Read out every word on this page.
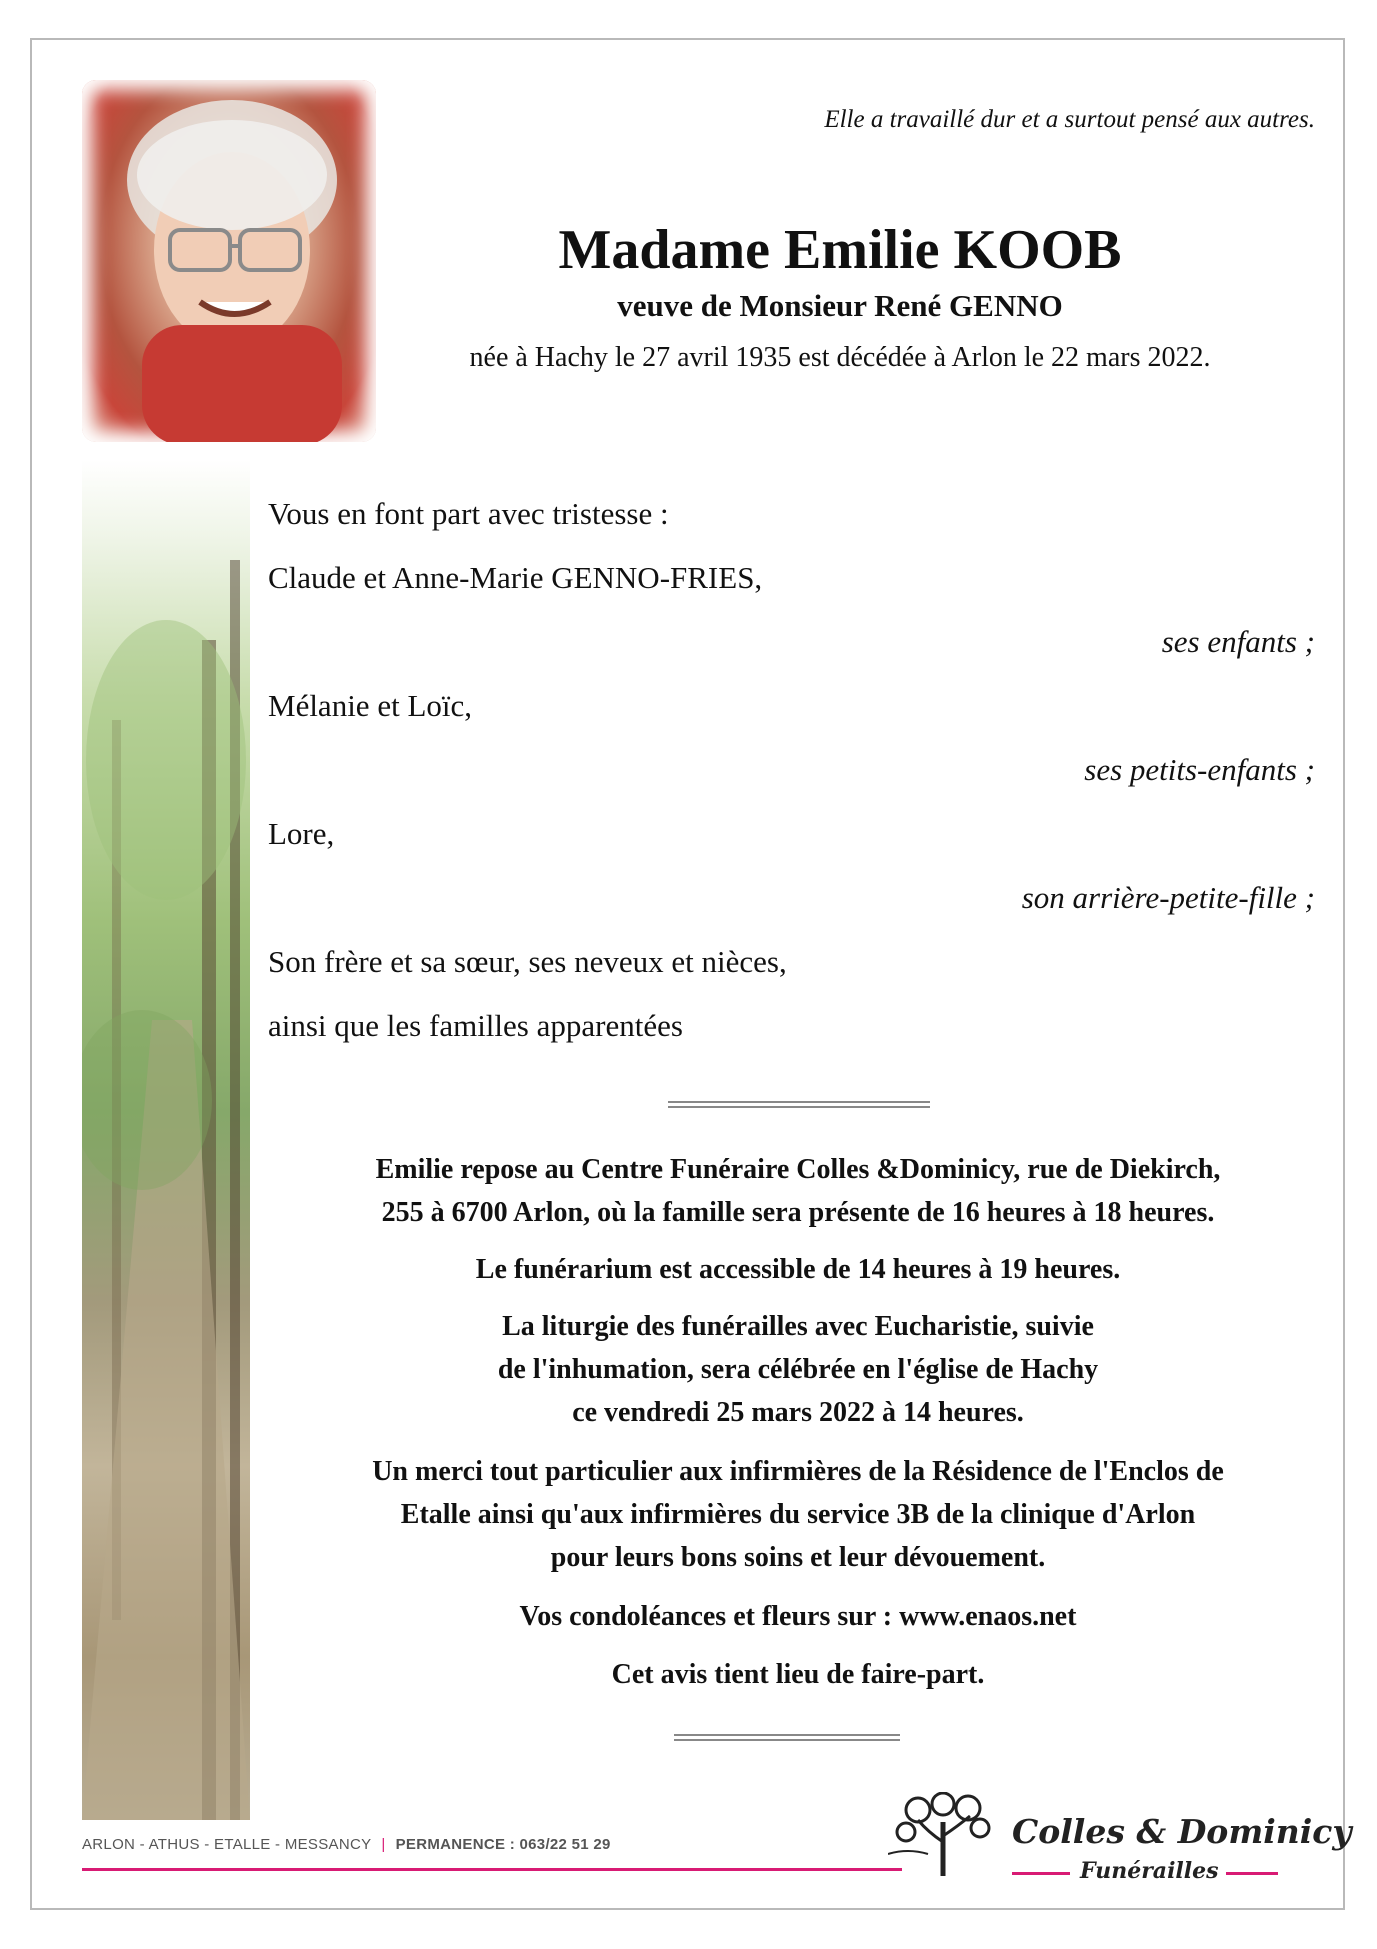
Elle a travaillé dur et a surtout pensé aux autres.
Madame Emilie KOOB
veuve de Monsieur René GENNO
née à Hachy le 27 avril 1935 est décédée à Arlon le 22 mars 2022.
Vous en font part avec tristesse :
Claude et Anne-Marie GENNO-FRIES,
ses enfants ;
Mélanie et Loïc,
ses petits-enfants ;
Lore,
son arrière-petite-fille ;
Son frère et sa sœur, ses neveux et nièces,
ainsi que les familles apparentées
Emilie repose au Centre Funéraire Colles &Dominicy, rue de Diekirch,
255 à 6700 Arlon, où la famille sera présente de 16 heures à 18 heures.
Le funérarium est accessible de 14 heures à 19 heures.
La liturgie des funérailles avec Eucharistie, suivie
de l'inhumation, sera célébrée en l'église de Hachy
ce vendredi 25 mars 2022 à 14 heures.
Un merci tout particulier aux infirmières de la Résidence de l'Enclos de
Etalle ainsi qu'aux infirmières du service 3B de la clinique d'Arlon
pour leurs bons soins et leur dévouement.
Vos condoléances et fleurs sur : www.enaos.net
Cet avis tient lieu de faire-part.
ARLON - ATHUS - ETALLE - MESSANCY | PERMANENCE : 063/22 51 29	Colles & Dominicy
Funérailles
